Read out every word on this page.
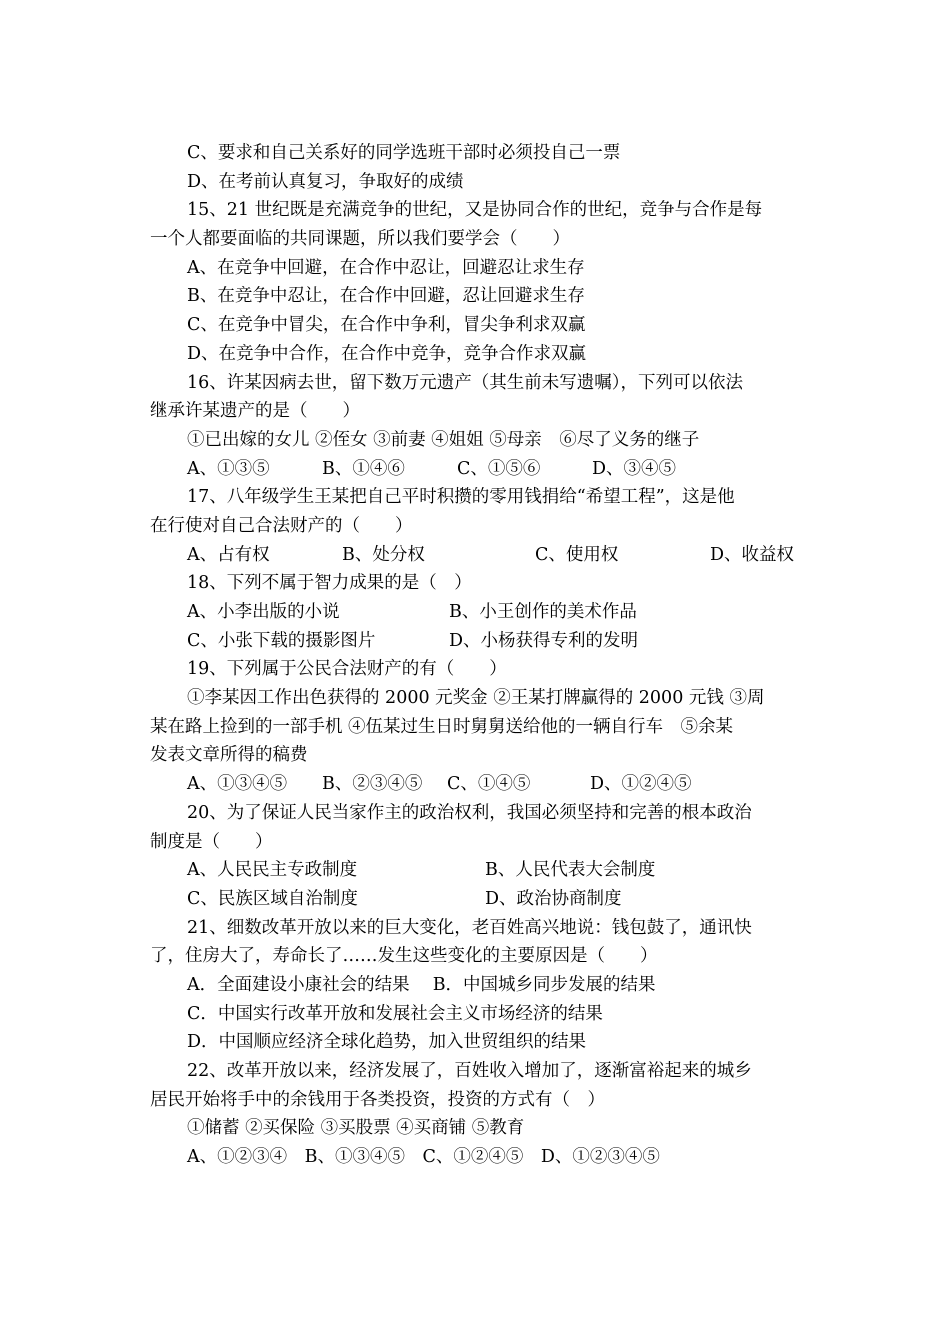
C、要求和自己关系好的同学选班干部时必须投自己一票
D、在考前认真复习，争取好的成绩
15、21 世纪既是充满竞争的世纪，又是协同合作的世纪，竞争与合作是每
一个人都要面临的共同课题，所以我们要学会（　　）
A、在竞争中回避，在合作中忍让，回避忍让求生存
B、在竞争中忍让，在合作中回避，忍让回避求生存
C、在竞争中冒尖，在合作中争利，冒尖争利求双赢
D、在竞争中合作，在合作中竞争，竞争合作求双赢
16、许某因病去世，留下数万元遗产（其生前未写遗嘱），下列可以依法
继承许某遗产的是（　　）
①已出嫁的女儿 ②侄女 ③前妻 ④姐姐 ⑤母亲　⑥尽了义务的继子
A、①③⑤	B、①④⑥	C、①⑤⑥	D、③④⑤
17、八年级学生王某把自己平时积攒的零用钱捐给“希望工程”，这是他
在行使对自己合法财产的（　　）
A、占有权	B、处分权	C、使用权	D、收益权
18、下列不属于智力成果的是（　）
A、小李出版的小说	B、小王创作的美术作品
C、小张下载的摄影图片	D、小杨获得专利的发明
19、下列属于公民合法财产的有（　　）
①李某因工作出色获得的 2000 元奖金 ②王某打牌赢得的 2000 元钱 ③周
某在路上捡到的一部手机 ④伍某过生日时舅舅送给他的一辆自行车　⑤余某
发表文章所得的稿费
A、①③④⑤	B、②③④⑤	C、①④⑤	D、①②④⑤
20、为了保证人民当家作主的政治权利，我国必须坚持和完善的根本政治
制度是（　　）
A、人民民主专政制度	B、人民代表大会制度
C、民族区域自治制度	D、政治协商制度
21、细数改革开放以来的巨大变化，老百姓高兴地说：钱包鼓了，通讯快
了，住房大了，寿命长了……发生这些变化的主要原因是（　　）
A．全面建设小康社会的结果　 B．中国城乡同步发展的结果
C．中国实行改革开放和发展社会主义市场经济的结果
D．中国顺应经济全球化趋势，加入世贸组织的结果
22、改革开放以来，经济发展了，百姓收入增加了，逐渐富裕起来的城乡
居民开始将手中的余钱用于各类投资，投资的方式有（　）
①储蓄 ②买保险 ③买股票 ④买商铺 ⑤教育
A、①②③④　B、①③④⑤　C、①②④⑤　D、①②③④⑤
